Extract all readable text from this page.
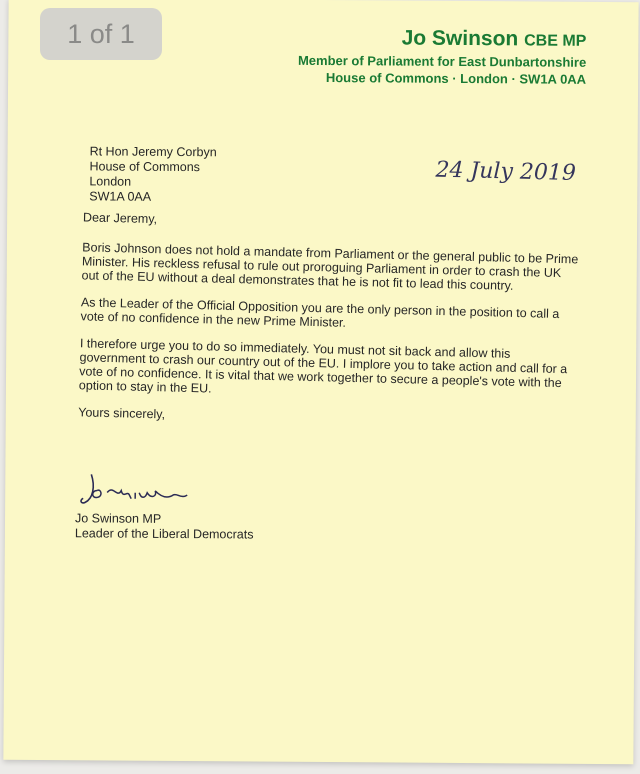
Jo Swinson CBE MP
Member of Parliament for East Dunbartonshire
House of Commons · London · SW1A 0AA
Rt Hon Jeremy Corbyn
House of Commons
London
SW1A 0AA
24 July 2019

Dear Jeremy,

Boris Johnson does not hold a mandate from Parliament or the general public to be Prime Minister. His reckless refusal to rule out proroguing Parliament in order to crash the UK out of the EU without a deal demonstrates that he is not fit to lead this country.

As the Leader of the Official Opposition you are the only person in the position to call a vote of no confidence in the new Prime Minister.

I therefore urge you to do so immediately. You must not sit back and allow this government to crash our country out of the EU. I implore you to take action and call for a vote of no confidence. It is vital that we work together to secure a people's vote with the option to stay in the EU.

Yours sincerely,

Jo Swinson MP
Leader of the Liberal Democrats
1 of 1
